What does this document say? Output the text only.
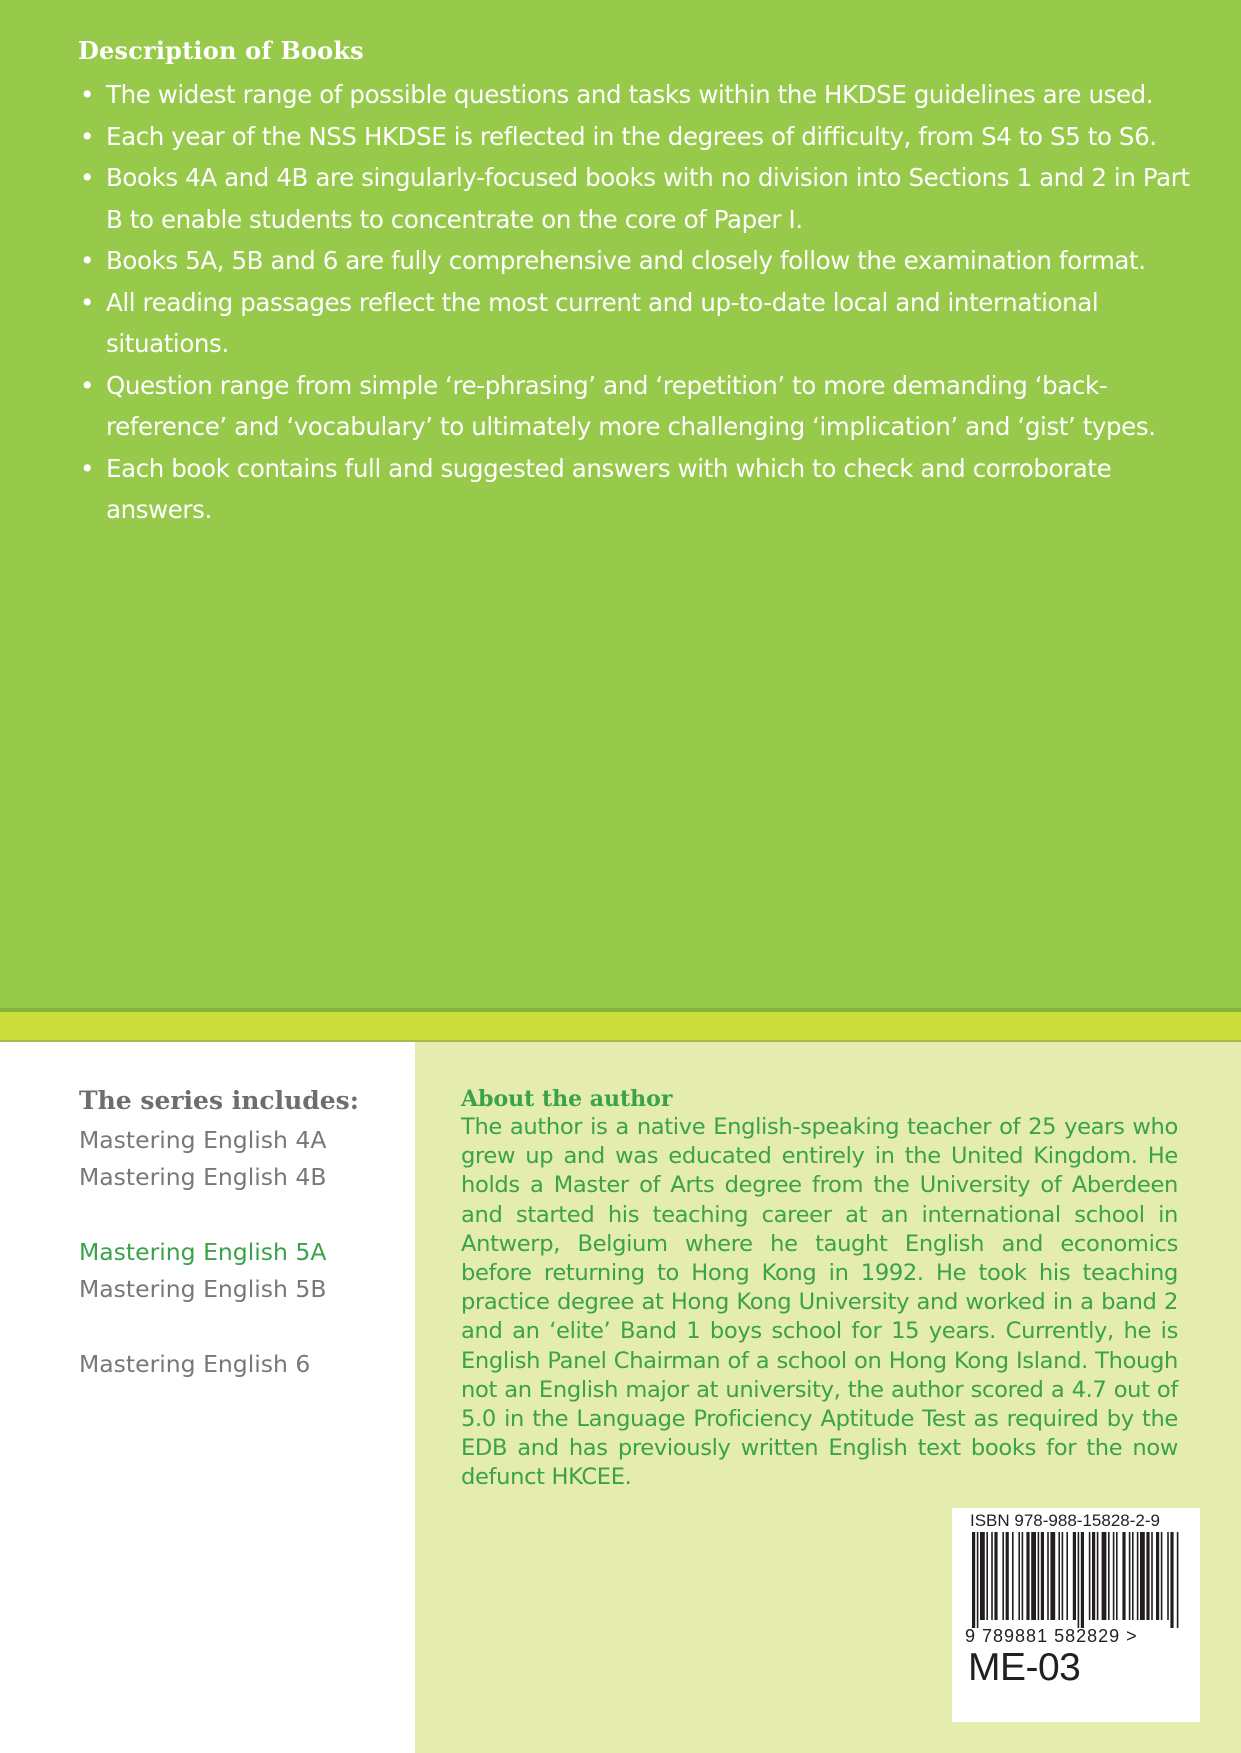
Description of Books
• The widest range of possible questions and tasks within the HKDSE guidelines are used.
• Each year of the NSS HKDSE is reflected in the degrees of difficulty, from S4 to S5 to S6.
• Books 4A and 4B are singularly-focused books with no division into Sections 1 and 2 in Part B to enable students to concentrate on the core of Paper I.
• Books 5A, 5B and 6 are fully comprehensive and closely follow the examination format.
• All reading passages reflect the most current and up-to-date local and international situations.
• Question range from simple ‘re-phrasing’ and ‘repetition’ to more demanding ‘back-reference’ and ‘vocabulary’ to ultimately more challenging ‘implication’ and ‘gist’ types.
• Each book contains full and suggested answers with which to check and corroborate answers.
The series includes:
Mastering English 4A
Mastering English 4B
Mastering English 5A
Mastering English 5B
Mastering English 6
About the author

The author is a native English-speaking teacher of 25 years who grew up and was educated entirely in the United Kingdom. He holds a Master of Arts degree from the University of Aberdeen and started his teaching career at an international school in Antwerp, Belgium where he taught English and economics before returning to Hong Kong in 1992. He took his teaching practice degree at Hong Kong University and worked in a band 2 and an ‘elite’ Band 1 boys school for 15 years. Currently, he is English Panel Chairman of a school on Hong Kong Island. Though not an English major at university, the author scored a 4.7 out of 5.0 in the Language Proficiency Aptitude Test as required by the EDB and has previously written English text books for the now defunct HKCEE.

ISBN 978-988-15828-2-9
9 789881 582829 >
ME-03
